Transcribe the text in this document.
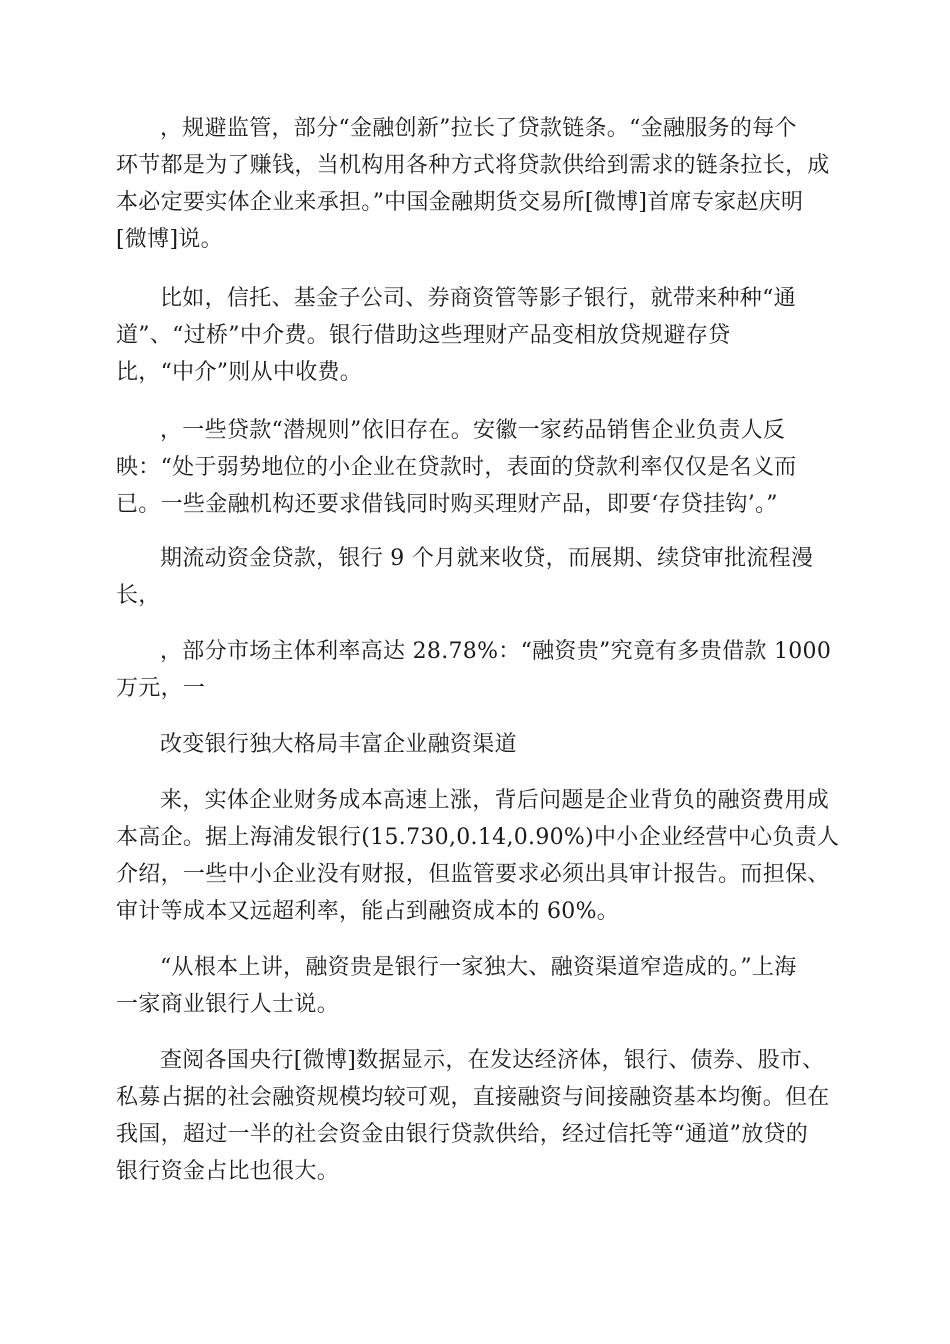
，规避监管，部分“金融创新”拉长了贷款链条。“金融服务的每个
环节都是为了赚钱，当机构用各种方式将贷款供给到需求的链条拉长，成
本必定要实体企业来承担。”中国金融期货交易所[微博]首席专家赵庆明
[微博]说。
比如，信托、基金子公司、券商资管等影子银行，就带来种种“通
道”、“过桥”中介费。银行借助这些理财产品变相放贷规避存贷
比，“中介”则从中收费。
，一些贷款“潜规则”依旧存在。安徽一家药品销售企业负责人反
映：“处于弱势地位的小企业在贷款时，表面的贷款利率仅仅是名义而
已。一些金融机构还要求借钱同时购买理财产品，即要‘存贷挂钩’。”
期流动资金贷款，银行 9 个月就来收贷，而展期、续贷审批流程漫
长，
，部分市场主体利率高达 28.78%：“融资贵”究竟有多贵借款 1000
万元，一
改变银行独大格局丰富企业融资渠道
来，实体企业财务成本高速上涨，背后问题是企业背负的融资费用成
本高企。据上海浦发银行(15.730,0.14,0.90%)中小企业经营中心负责人
介绍，一些中小企业没有财报，但监管要求必须出具审计报告。而担保、
审计等成本又远超利率，能占到融资成本的 60%。
“从根本上讲，融资贵是银行一家独大、融资渠道窄造成的。”上海
一家商业银行人士说。
查阅各国央行[微博]数据显示，在发达经济体，银行、债券、股市、
私募占据的社会融资规模均较可观，直接融资与间接融资基本均衡。但在
我国，超过一半的社会资金由银行贷款供给，经过信托等“通道”放贷的
银行资金占比也很大。
